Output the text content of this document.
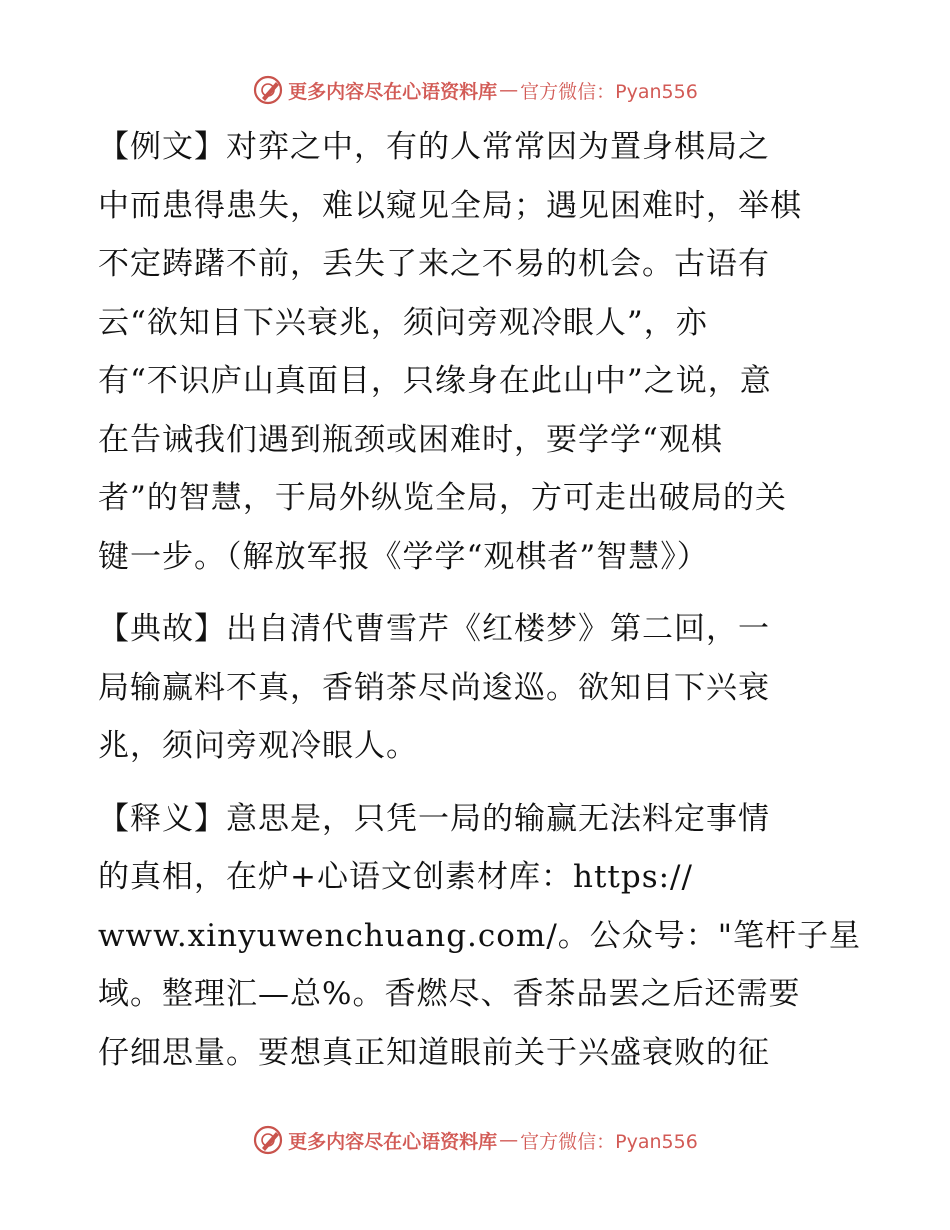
更多内容尽在心语资料库 — 官方微信：Pyan556
【例文】对弈之中，有的人常常因为置身棋局之
中而患得患失，难以窥见全局；遇见困难时，举棋
不定踌躇不前，丢失了来之不易的机会。古语有
云“欲知目下兴衰兆，须问旁观冷眼人”，亦
有“不识庐山真面目，只缘身在此山中”之说，意
在告诫我们遇到瓶颈或困难时，要学学“观棋
者”的智慧，于局外纵览全局，方可走出破局的关
键一步。（解放军报《学学“观棋者”智慧》）
【典故】出自清代曹雪芹《红楼梦》第二回，一
局输赢料不真，香销茶尽尚逡巡。欲知目下兴衰
兆，须问旁观冷眼人。
【释义】意思是，只凭一局的输赢无法料定事情
的真相，在炉+心语文创素材库：https://
www.xinyuwenchuang.com/。公众号："笔杆子星
域。整理汇—总%。香燃尽、香茶品罢之后还需要
仔细思量。要想真正知道眼前关于兴盛衰败的征
更多内容尽在心语资料库 — 官方微信：Pyan556
